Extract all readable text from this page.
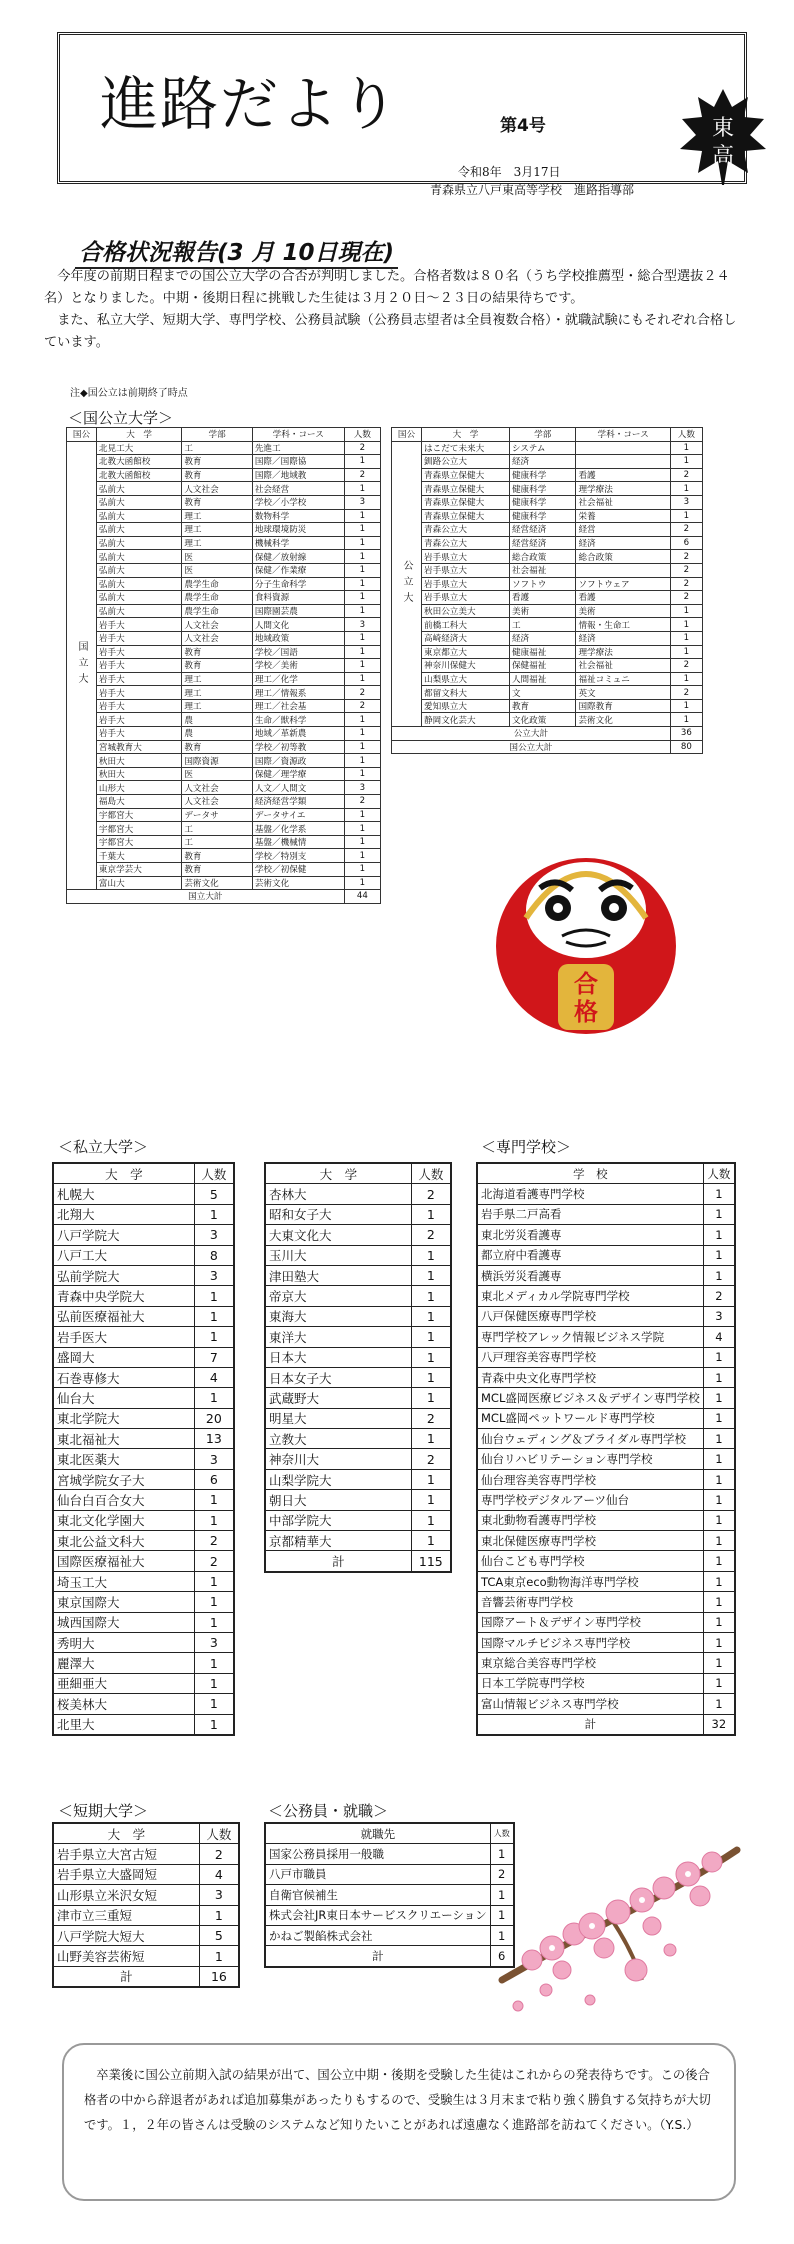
進路だより	第4号
令和8年　3月17日
青森県立八戸東高等学校　進路指導部
東
高
合格状況報告(3 月 10日現在)

今年度の前期日程までの国公立大学の合否が判明しました。合格者数は８０名（うち学校推薦型・総合型選抜２４名）となりました。中期・後期日程に挑戦した生徒は３月２０日～２３日の結果待ちです。

また、私立大学、短期大学、専門学校、公務員試験（公務員志望者は全員複数合格）・就職試験にもそれぞれ合格しています。

注◆国公立は前期終了時点
＜国公立大学＞
国公	大　学	学部	学科・コース	人数
国立大	北見工大	工	先進工	2
	北教大函館校	教育	国際／国際協	1
	北教大函館校	教育	国際／地域教	2
	弘前大	人文社会	社会経営	1
	弘前大	教育	学校／小学校	3
	弘前大	理工	数物科学	1
	弘前大	理工	地球環境防災	1
	弘前大	理工	機械科学	1
	弘前大	医	保健／放射線	1
	弘前大	医	保健／作業療	1
	弘前大	農学生命	分子生命科学	1
	弘前大	農学生命	食料資源	1
	弘前大	農学生命	国際園芸農	1
	岩手大	人文社会	人間文化	3
	岩手大	人文社会	地域政策	1
	岩手大	教育	学校／国語	1
	岩手大	教育	学校／美術	1
	岩手大	理工	理工／化学	1
	岩手大	理工	理工／情報系	2
	岩手大	理工	理工／社会基	2
	岩手大	農	生命／獣科学	1
	岩手大	農	地域／革新農	1
	宮城教育大	教育	学校／初等教	1
	秋田大	国際資源	国際／資源政	1
	秋田大	医	保健／理学療	1
	山形大	人文社会	人文／人間文	3
	福島大	人文社会	経済経営学類	2
	宇都宮大	データサ	データサイエ	1
	宇都宮大	工	基盤／化学系	1
	宇都宮大	工	基盤／機械情	1
	千葉大	教育	学校／特別支	1
	東京学芸大	教育	学校／初保健	1
	富山大	芸術文化	芸術文化	1
国立大計				44
国公	大　学	学部	学科・コース	人数
公立大	はこだて未来大	システム		1
	釧路公立大	経済		1
	青森県立保健大	健康科学	看護	2
	青森県立保健大	健康科学	理学療法	1
	青森県立保健大	健康科学	社会福祉	3
	青森県立保健大	健康科学	栄養	1
	青森公立大	経営経済	経営	2
	青森公立大	経営経済	経済	6
	岩手県立大	総合政策	総合政策	2
	岩手県立大	社会福祉		2
	岩手県立大	ソフトウ	ソフトウェア	2
	岩手県立大	看護	看護	2
	秋田公立美大	美術	美術	1
	前橋工科大	工	情報・生命工	1
	高崎経済大	経済	経済	1
	東京都立大	健康福祉	理学療法	1
	神奈川保健大	保健福祉	社会福祉	2
	山梨県立大	人間福祉	福祉コミュニ	1
	都留文科大	文	英文	2
	愛知県立大	教育	国際教育	1
	静岡文化芸大	文化政策	芸術文化	1
公立大計				36
国公立大計				80
合
格
＜私立大学＞
大　学	人数
札幌大	5
北翔大	1
八戸学院大	3
八戸工大	8
弘前学院大	3
青森中央学院大	1
弘前医療福祉大	1
岩手医大	1
盛岡大	7
石巻専修大	4
仙台大	1
東北学院大	20
東北福祉大	13
東北医薬大	3
宮城学院女子大	6
仙台白百合女大	1
東北文化学園大	1
東北公益文科大	2
国際医療福祉大	2
埼玉工大	1
東京国際大	1
城西国際大	1
秀明大	3
麗澤大	1
亜細亜大	1
桜美林大	1
北里大	1
大　学	人数
杏林大	2
昭和女子大	1
大東文化大	2
玉川大	1
津田塾大	1
帝京大	1
東海大	1
東洋大	1
日本大	1
日本女子大	1
武蔵野大	1
明星大	2
立教大	1
神奈川大	2
山梨学院大	1
朝日大	1
中部学院大	1
京都精華大	1
計	115
＜専門学校＞
学　校	人数
北海道看護専門学校	1
岩手県二戸高看	1
東北労災看護専	1
都立府中看護専	1
横浜労災看護専	1
東北メディカル学院専門学校	2
八戸保健医療専門学校	3
専門学校アレック情報ビジネス学院	4
八戸理容美容専門学校	1
青森中央文化専門学校	1
MCL盛岡医療ビジネス＆デザイン専門学校	1
MCL盛岡ペットワールド専門学校	1
仙台ウェディング＆ブライダル専門学校	1
仙台リハビリテーション専門学校	1
仙台理容美容専門学校	1
専門学校デジタルアーツ仙台	1
東北動物看護専門学校	1
東北保健医療専門学校	1
仙台こども専門学校	1
TCA東京eco動物海洋専門学校	1
音響芸術専門学校	1
国際アート＆デザイン専門学校	1
国際マルチビジネス専門学校	1
東京総合美容専門学校	1
日本工学院専門学校	1
富山情報ビジネス専門学校	1
計	32
＜短期大学＞
大　学	人数
岩手県立大宮古短	2
岩手県立大盛岡短	4
山形県立米沢女短	3
津市立三重短	1
八戸学院大短大	5
山野美容芸術短	1
計	16
＜公務員・就職＞
就職先	人数
国家公務員採用一般職	1
八戸市職員	2
自衛官候補生	1
株式会社JR東日本サービスクリエーション	1
かねご製餡株式会社	1
計	6

卒業後に国公立前期入試の結果が出て、国公立中期・後期を受験した生徒はこれからの発表待ちです。この後合格者の中から辞退者があれば追加募集があったりもするので、受験生は３月末まで粘り強く勝負する気持ちが大切です。１，２年の皆さんは受験のシステムなど知りたいことがあれば遠慮なく進路部を訪ねてください。（Y.S.）
